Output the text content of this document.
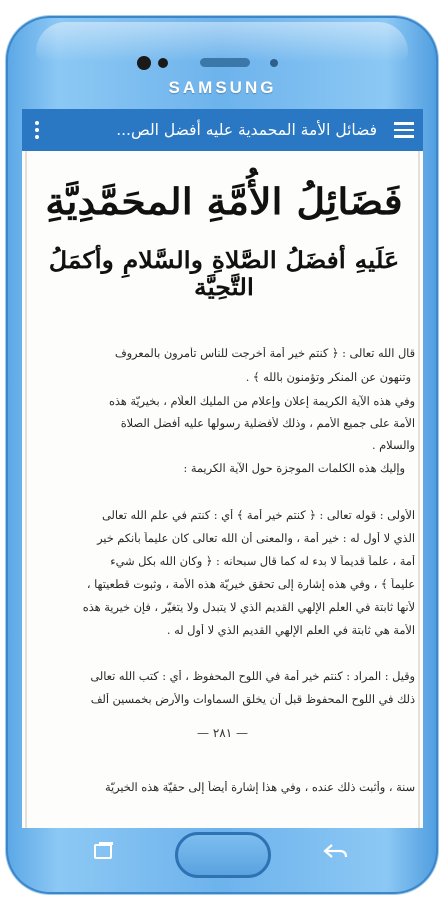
SAMSUNG
فضائل الأمة المحمدية عليه أفضل الص...
فَضَائِلُ الأُمَّةِ المحَمَّدِيَّةِ
عَلَيهِ أفضَلُ الصَّلاةِ والسَّلامِ وأكمَلُ التَّحِيَّة
قال الله تعالى : ﴿ كنتم خير أمة أخرجت للناس تأمرون بالمعروف
وتنهون عن المنكر وتؤمنون بالله ﴾ .
وفي هذه الآية الكريمة إعلان وإعلام من المليك العلّام ، بخيريّة هذه
الأمة على جميع الأمم ، وذلك لأفضلية رسولها عليه أفضل الصلاة
والسلام .
وإليك هذه الكلمات الموجزة حول الآية الكريمة :
الأولى : قوله تعالى : ﴿ كنتم خير أمة ﴾ أي : كنتم في علم الله تعالى
الذي لا أول له : خير أمة ، والمعنى أن الله تعالى كان عليماً بأنكم خير
أمة ، علماً قديماً لا بدء له كما قال سبحانه : ﴿ وكان الله بكل شيء
عليماً ﴾ ، وفي هذه إشارة إلى تحقق خيريّة هذه الأمة ، وثبوت قطعيتها ،
لأنها ثابتة في العلم الإلهي القديم الذي لا يتبدل ولا يتغيّر ، فإن خيرية هذه
الأمة هي ثابتة في العلم الإلهي القديم الذي لا أول له .
وقيل : المراد : كنتم خير أمة في اللوح المحفوظ ، أي : كتب الله تعالى
ذلك في اللوح المحفوظ قبل أن يخلق السماوات والأرض بخمسين ألف
— ٢٨١ —
سنة ، وأثبت ذلك عنده ، وفي هذا إشارة أيضاً إلى حقيّة هذه الخيريّة
